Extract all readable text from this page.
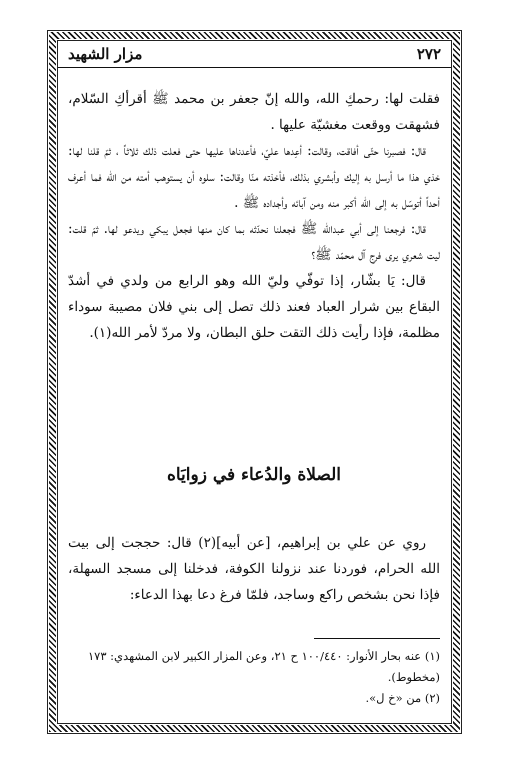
٢٧٢
مزار الشهيد

فقلت لها: رحمكِ الله، والله إنّ جعفر بن محمد ﷺ أقرأكِ السّلام، فشهقت ووقعت مغشيّة عليها .

قال: فصبرنا حتّى أفاقت، وقالت: أعِدها عليّ، فأعدناها عليها حتى فعلت ذلك ثلاثاً ، ثمّ قلنا لها: خذي هذا ما أرسل به إليك وأبشري بذلك، فأخذته منّا وقالت: سلوه أن يستوهب أمته من الله فما أعرف أحداً أتوسّل به إلى الله أكبر منه ومن آبائه وأجداده ﷺ .

قال: فرجعنا إلى أبي عبدالله ﷺ فجعلنا نحدّثه بما كان منها فجعل يبكي ويدعو لها. ثمّ قلت: ليت شعري يرى فرج آل محمّد ﷺ؟

قال: يَا بشّار، إذا توفّي وليّ الله وهو الرابع من ولدي في أشدّ البقاع بين شرار العباد فعند ذلك تصل إلى بني فلان مصيبة سوداء مظلمة، فإذا رأيت ذلك التقت حلق البطان، ولا مردّ لأمر الله(١).

الصلاة والدُعاء في زوايَاه

روي عن علي بن إبراهيم، [عن أبيه](٢) قال: حججت إلى بيت الله الحرام، فوردنا عند نزولنا الكوفة، فدخلنا إلى مسجد السهلة، فإذا نحن بشخص راكع وساجد، فلمّا فرغ دعا بهذا الدعاء:

(١) عنه بحار الأنوار: ١٠٠/٤٤٠ ح ٢١، وعن المزار الكبير لابن المشهدي: ١٧٣ (مخطوط).

(٢) من «خ ل».
